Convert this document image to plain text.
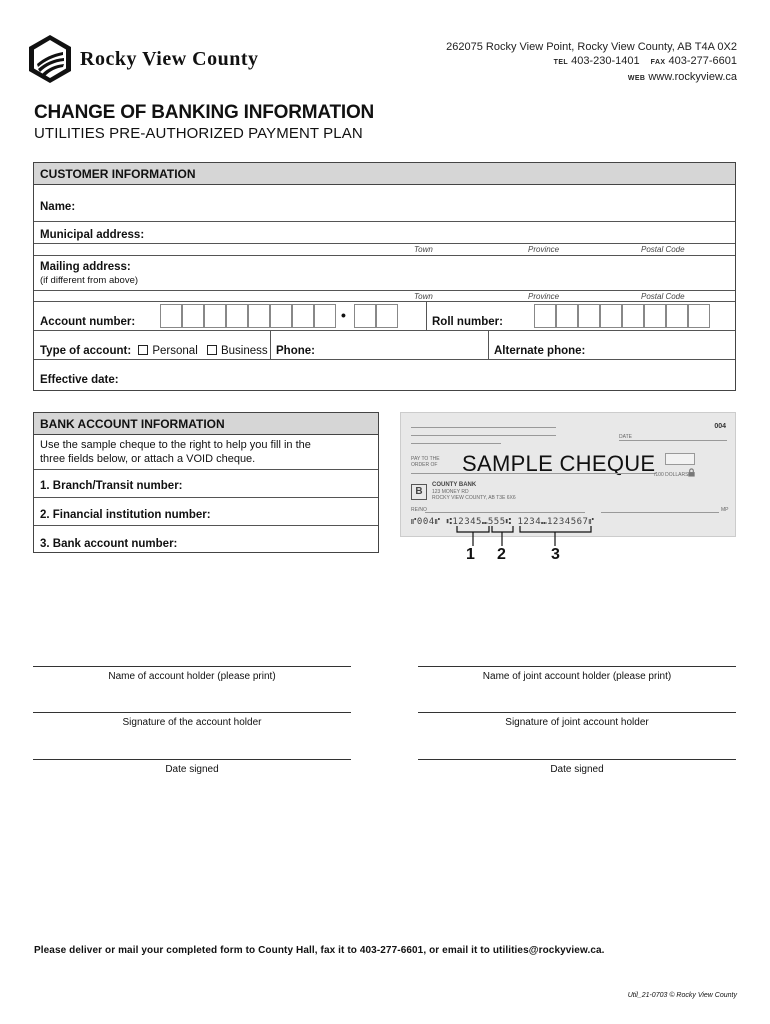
Rocky View County
262075 Rocky View Point, Rocky View County, AB T4A 0X2
TEL 403-230-1401 FAX 403-277-6601
WEB www.rockyview.ca
CHANGE OF BANKING INFORMATION
UTILITIES PRE-AUTHORIZED PAYMENT PLAN
CUSTOMER INFORMATION
Name:
Municipal address:
Town	Province	Postal Code
Mailing address:
(if different from above)
Town	Province	Postal Code
Account number:	•	Roll number:
Type of account: Personal Business Phone:	Alternate phone:
Effective date:
BANK ACCOUNT INFORMATION
Use the sample cheque to the right to help you fill in the
three fields below, or attach a VOID cheque.
1. Branch/Transit number:
2. Financial institution number:
3. Bank account number:
004
DATE
PAY TO THE
ORDER OF SAMPLE CHEQUE
/100 DOLLARS
B
COUNTY BANK
123 MONEY RD
ROCKY VIEW COUNTY, AB T3E 6X6
RE/NO	MP
⑈004⑈ ⑆12345⑉555⑆ 1234⑉1234567⑈
1 2	3
Name of account holder (please print)	Name of joint account holder (please print)
Signature of the account holder	Signature of joint account holder
Date signed	Date signed
Please deliver or mail your completed form to County Hall, fax it to 403-277-6601, or email it to utilities@rockyview.ca.
Util_21-0703 © Rocky View County
